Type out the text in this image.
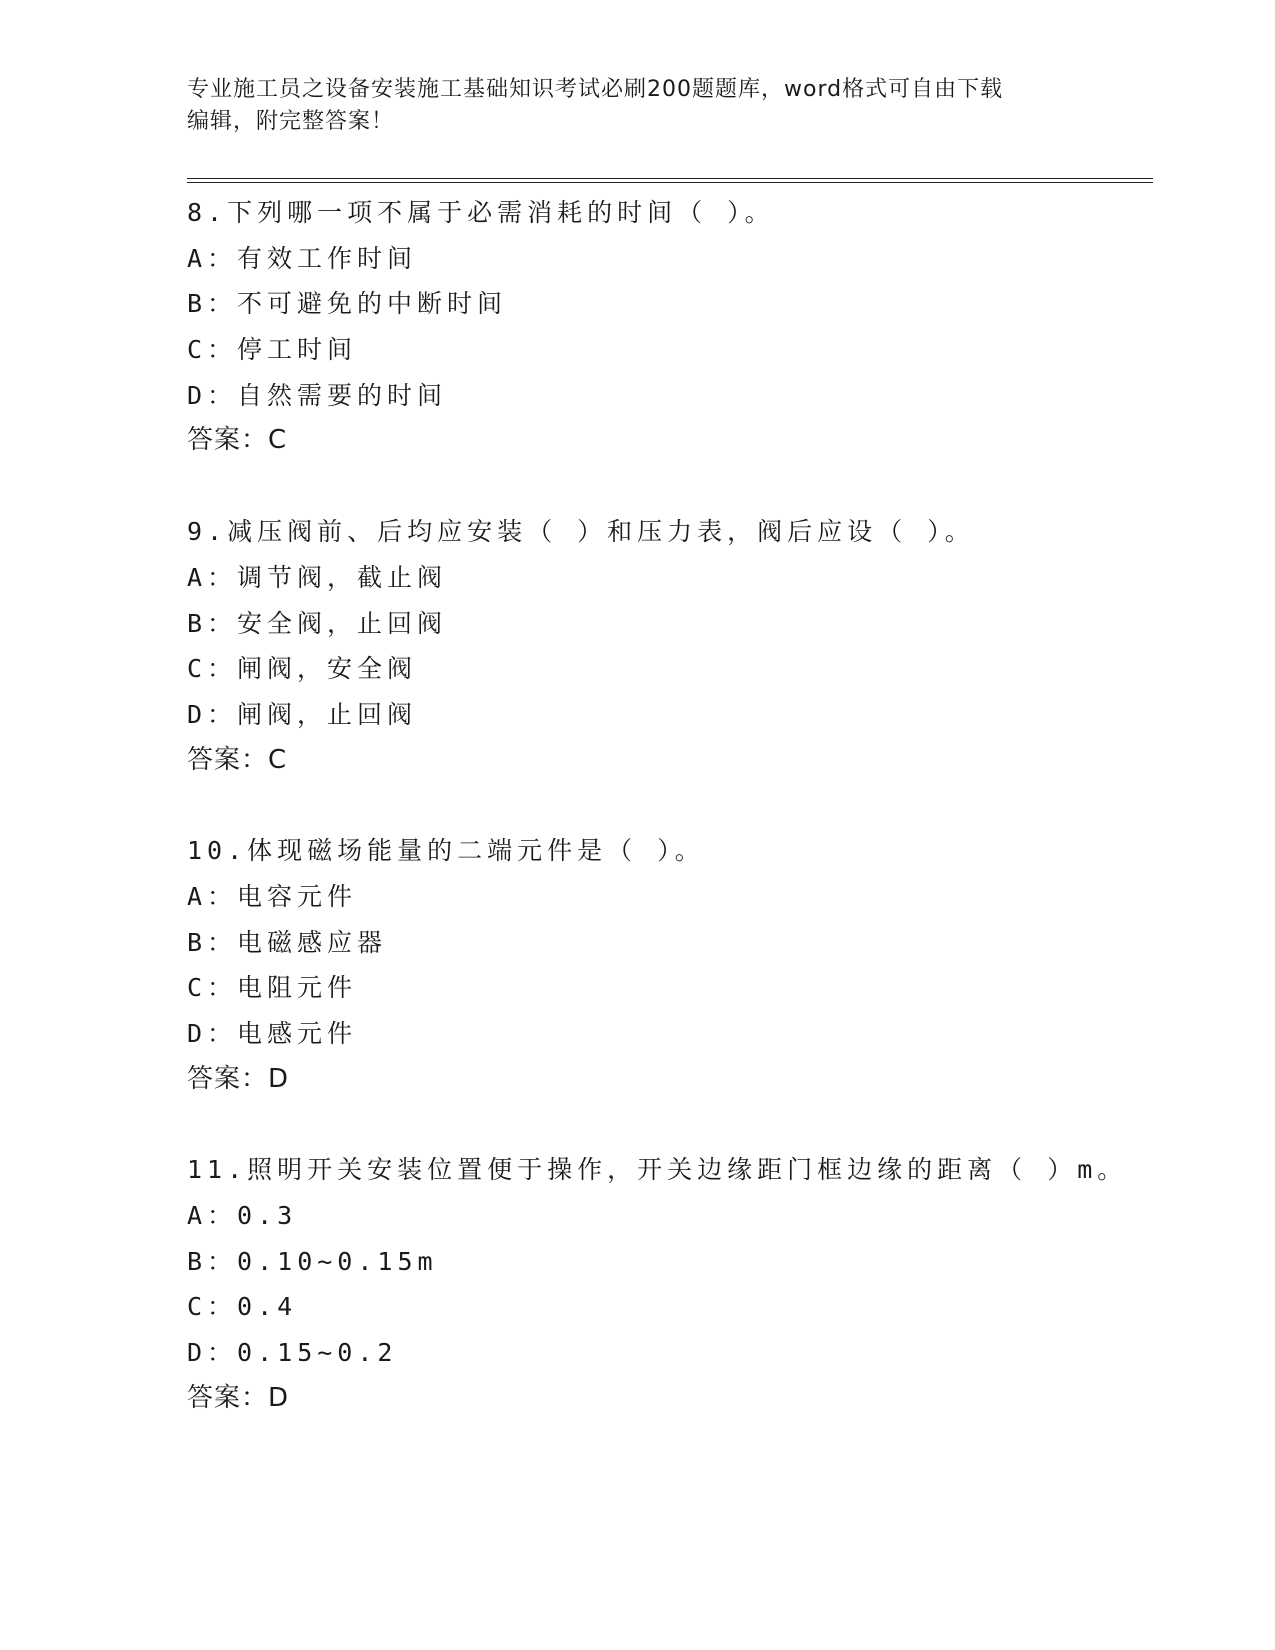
专业施工员之设备安装施工基础知识考试必刷200题题库，word格式可自由下载
编辑，附完整答案！
8.下列哪一项不属于必需消耗的时间（ ）。
A：有效工作时间
B：不可避免的中断时间
C：停工时间
D：自然需要的时间
答案：C
9.减压阀前、后均应安装（ ）和压力表，阀后应设（ ）。
A：调节阀，截止阀
B：安全阀，止回阀
C：闸阀，安全阀
D：闸阀，止回阀
答案：C
10.体现磁场能量的二端元件是（ ）。
A：电容元件
B：电磁感应器
C：电阻元件
D：电感元件
答案：D
11.照明开关安装位置便于操作，开关边缘距门框边缘的距离（ ）m。
A：0.3
B：0.10~0.15m
C：0.4
D：0.15~0.2
答案：D
